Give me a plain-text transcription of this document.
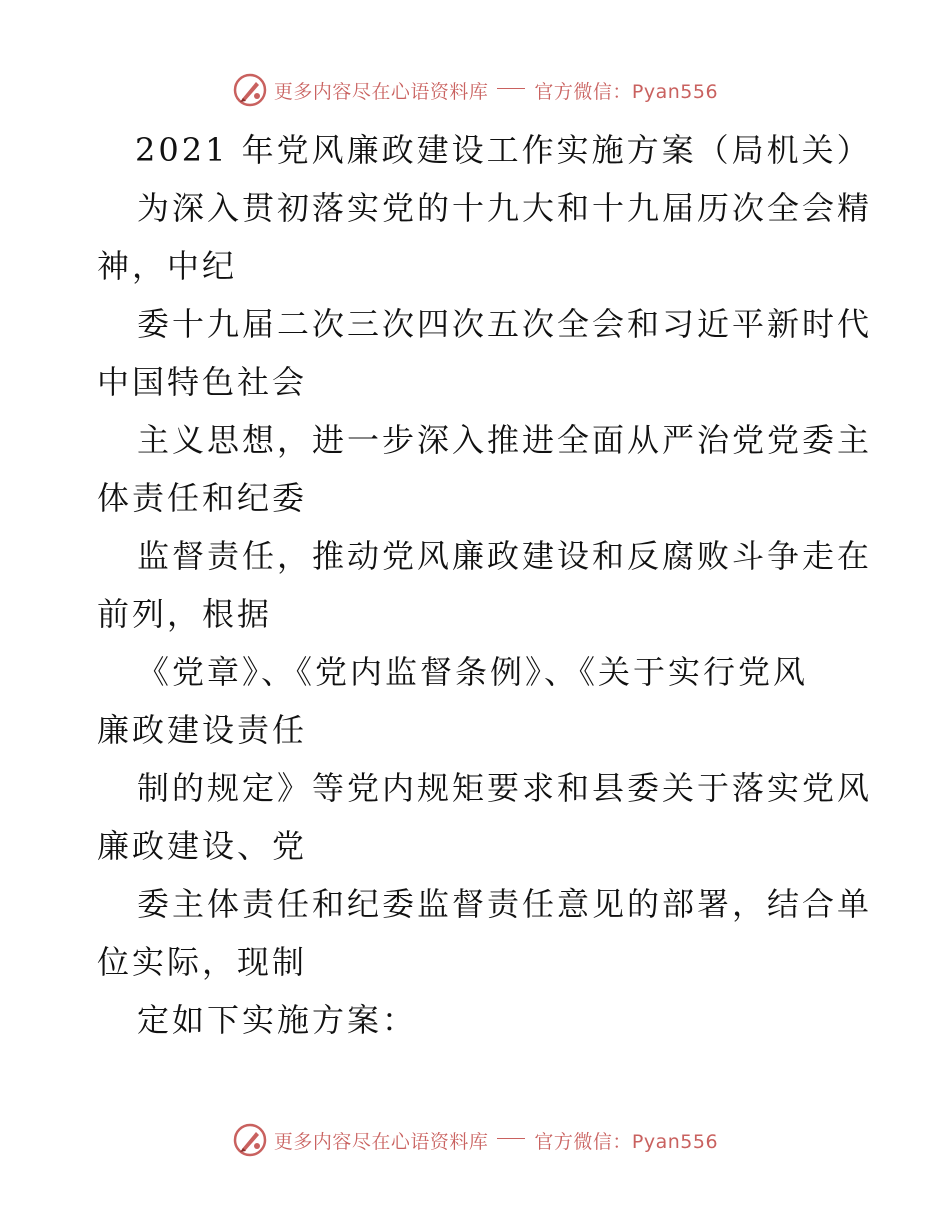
更多内容尽在心语资料库 官方微信：Pyan556
2021 年党风廉政建设工作实施方案（局机关）
为深入贯初落实党的十九大和十九届历次全会精
神，中纪
委十九届二次三次四次五次全会和习近平新时代
中国特色社会
主义思想，进一步深入推进全面从严治党党委主
体责任和纪委
监督责任，推动党风廉政建设和反腐败斗争走在
前列，根据
《党章》、《党内监督条例》、《关于实行党风
廉政建设责任
制的规定》等党内规矩要求和县委关于落实党风
廉政建设、党
委主体责任和纪委监督责任意见的部署，结合单
位实际，现制
定如下实施方案：
更多内容尽在心语资料库 官方微信：Pyan556
